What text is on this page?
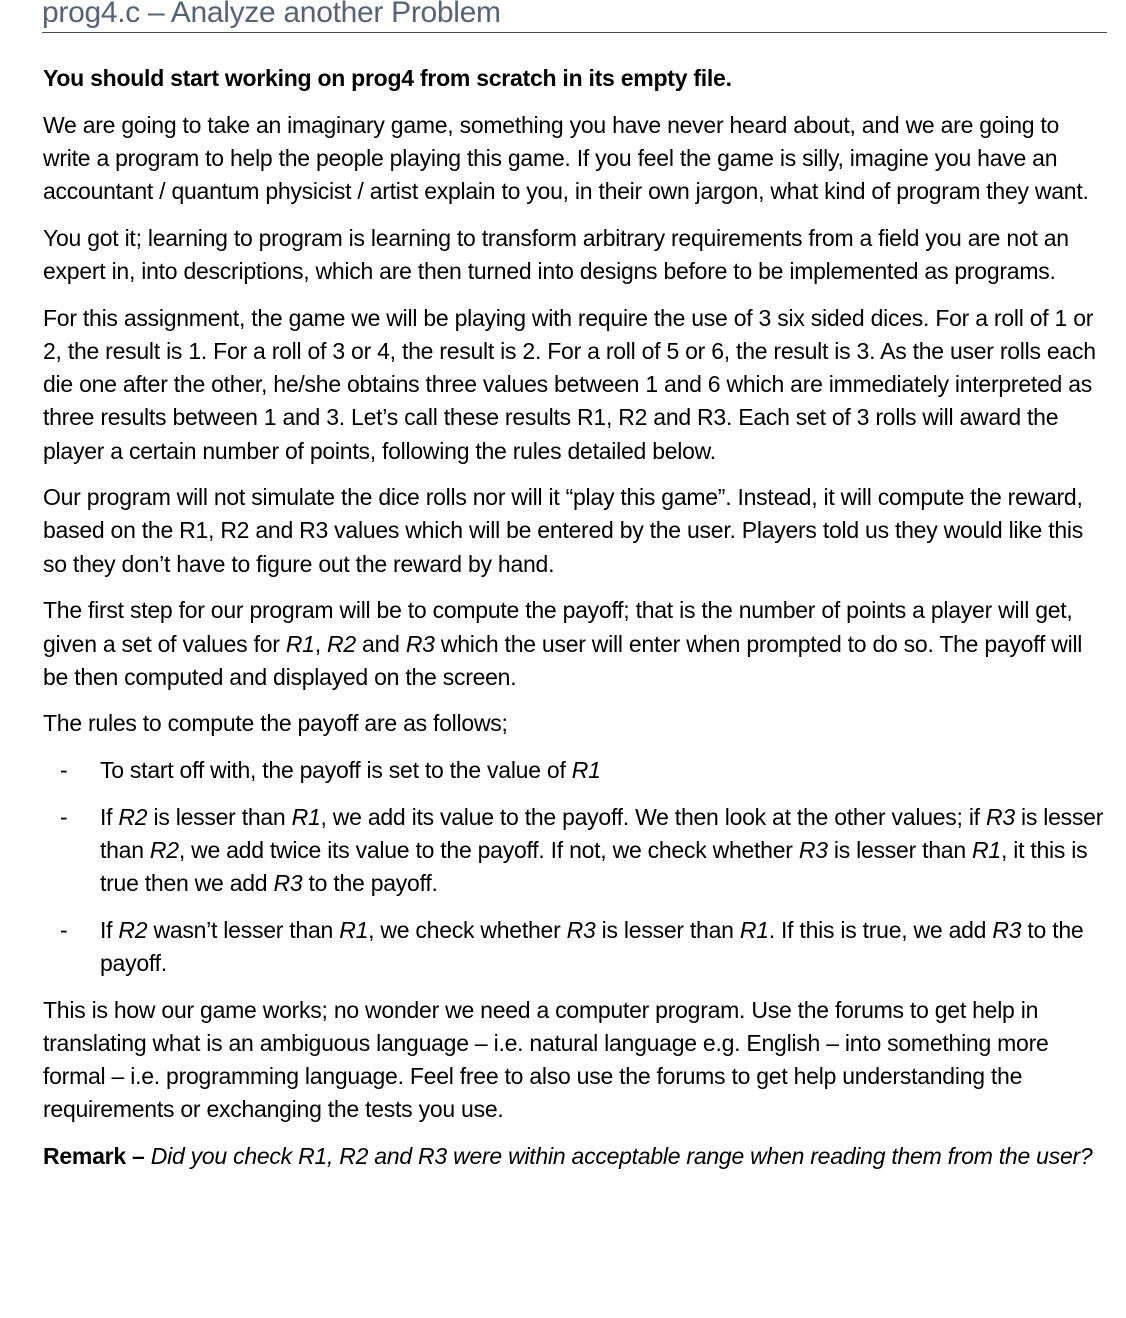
prog4.c – Analyze another Problem

You should start working on prog4 from scratch in its empty file.

We are going to take an imaginary game, something you have never heard about, and we are going to write a program to help the people playing this game. If you feel the game is silly, imagine you have an accountant / quantum physicist / artist explain to you, in their own jargon, what kind of program they want.

You got it; learning to program is learning to transform arbitrary requirements from a field you are not an expert in, into descriptions, which are then turned into designs before to be implemented as programs.

For this assignment, the game we will be playing with require the use of 3 six sided dices. For a roll of 1 or 2, the result is 1. For a roll of 3 or 4, the result is 2. For a roll of 5 or 6, the result is 3. As the user rolls each die one after the other, he/she obtains three values between 1 and 6 which are immediately interpreted as three results between 1 and 3. Let’s call these results R1, R2 and R3. Each set of 3 rolls will award the player a certain number of points, following the rules detailed below.

Our program will not simulate the dice rolls nor will it “play this game”. Instead, it will compute the reward, based on the R1, R2 and R3 values which will be entered by the user. Players told us they would like this so they don’t have to figure out the reward by hand.

The first step for our program will be to compute the payoff; that is the number of points a player will get, given a set of values for R1, R2 and R3 which the user will enter when prompted to do so. The payoff will be then computed and displayed on the screen.

The rules to compute the payoff are as follows;

-	To start off with, the payoff is set to the value of R1
-	If R2 is lesser than R1, we add its value to the payoff. We then look at the other values; if R3 is lesser than R2, we add twice its value to the payoff. If not, we check whether R3 is lesser than R1, it this is true then we add R3 to the payoff.
-	If R2 wasn’t lesser than R1, we check whether R3 is lesser than R1. If this is true, we add R3 to the payoff.

This is how our game works; no wonder we need a computer program. Use the forums to get help in translating what is an ambiguous language – i.e. natural language e.g. English – into something more formal – i.e. programming language. Feel free to also use the forums to get help understanding the requirements or exchanging the tests you use.

Remark – Did you check R1, R2 and R3 were within acceptable range when reading them from the user?
